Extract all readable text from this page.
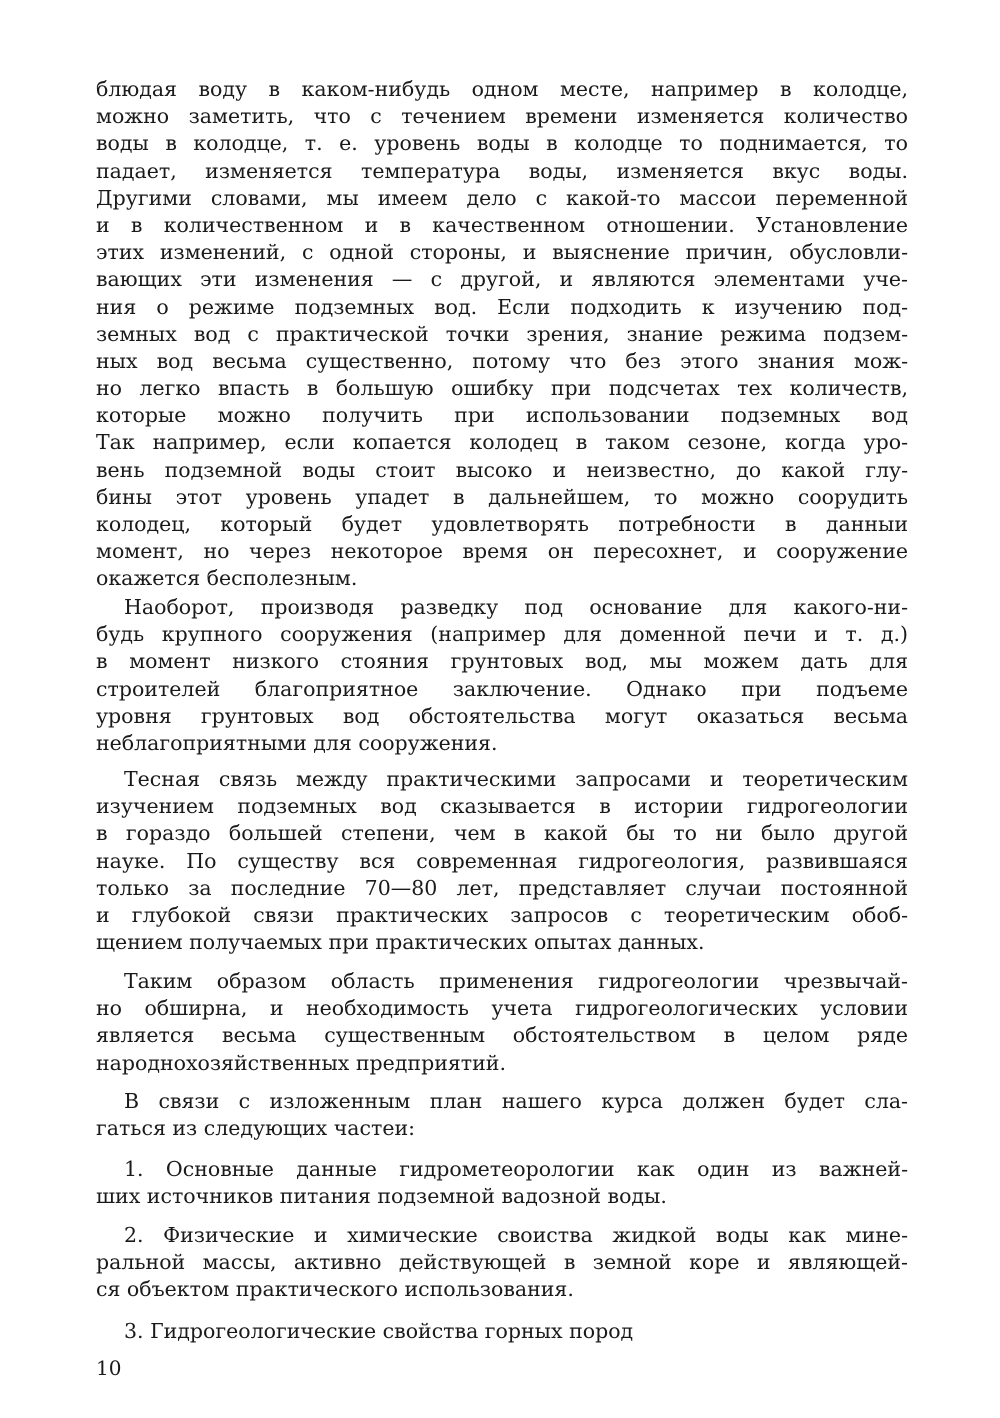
блюдая воду в каком-нибудь одном месте, например в колодце,
можно заметить, что с течением времени изменяется количество
воды в колодце, т. е. уровень воды в колодце то поднимается, то
падает, изменяется температура воды, изменяется вкус воды.
Другими словами, мы имеем дело с какой-то массои переменной
и в количественном и в качественном отношении. Установление
этих изменений, с одной стороны, и выяснение причин, обусловли-
вающих эти изменения — с другой, и являются элементами уче-
ния о режиме подземных вод. Если подходить к изучению под-
земных вод с практической точки зрения, знание режима подзем-
ных вод весьма существенно, потому что без этого знания мож-
но легко впасть в большую ошибку при подсчетах тех количеств,
которые можно получить при использовании подземных вод
Так например, если копается колодец в таком сезоне, когда уро-
вень подземной воды стоит высоко и неизвестно, до какой глу-
бины этот уровень упадет в дальнейшем, то можно соорудить
колодец, который будет удовлетворять потребности в данныи
момент, но через некоторое время он пересохнет, и сооружение
окажется бесполезным.
Наоборот, производя разведку под основание для какого-ни-
будь крупного сооружения (например для доменной печи и т. д.)
в момент низкого стояния грунтовых вод, мы можем дать для
строителей благоприятное заключение. Однако при подъеме
уровня грунтовых вод обстоятельства могут оказаться весьма
неблагоприятными для сооружения.
Тесная связь между практическими запросами и теоретическим
изучением подземных вод сказывается в истории гидрогеологии
в гораздо большей степени, чем в какой бы то ни было другой
науке. По существу вся современная гидрогеология, развившаяся
только за последние 70—80 лет, представляет случаи постоянной
и глубокой связи практических запросов с теоретическим обоб-
щением получаемых при практических опытах данных.
Таким образом область применения гидрогеологии чрезвычай-
но обширна, и необходимость учета гидрогеологических условии
является весьма существенным обстоятельством в целом ряде
народнохозяйственных предприятий.
В связи с изложенным план нашего курса должен будет сла-
гаться из следующих частеи:
1. Основные данные гидрометеорологии как один из важней-
ших источников питания подземной вадозной воды.
2. Физические и химические своиства жидкой воды как мине-
ральной массы, активно действующей в земной коре и являющей-
ся объектом практического использования.
3. Гидрогеологические свойства горных пород
10
